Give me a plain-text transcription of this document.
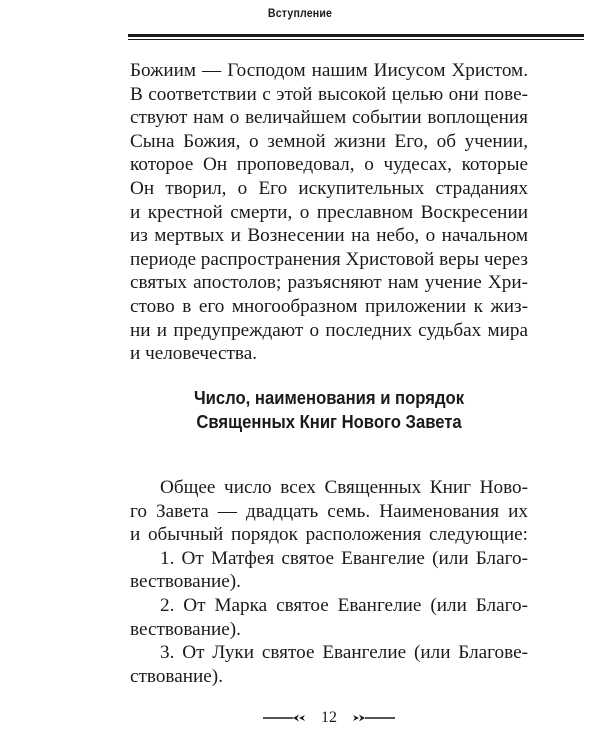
Вступление
Божиим — Господом нашим Иисусом Христом.
В соответствии с этой высокой целью они пове-
ствуют нам о величайшем событии воплощения
Сына Божия, о земной жизни Его, об учении,
которое Он проповедовал, о чудесах, которые
Он творил, о Его искупительных страданиях
и крестной смерти, о преславном Воскресении
из мертвых и Вознесении на небо, о начальном
периоде распространения Христовой веры через
святых апостолов; разъясняют нам учение Хри-
стово в его многообразном приложении к жиз-
ни и предупреждают о последних судьбах мира
и человечества.
Число, наименования и порядок
Священных Книг Нового Завета
Общее число всех Священных Книг Ново-
го Завета — двадцать семь. Наименования их
и обычный порядок расположения следующие:
1. От Матфея святое Евангелие (или Благо-
вествование).
2. От Марка святое Евангелие (или Благо-
вествование).
3. От Луки святое Евангелие (или Благове-
ствование).
12
